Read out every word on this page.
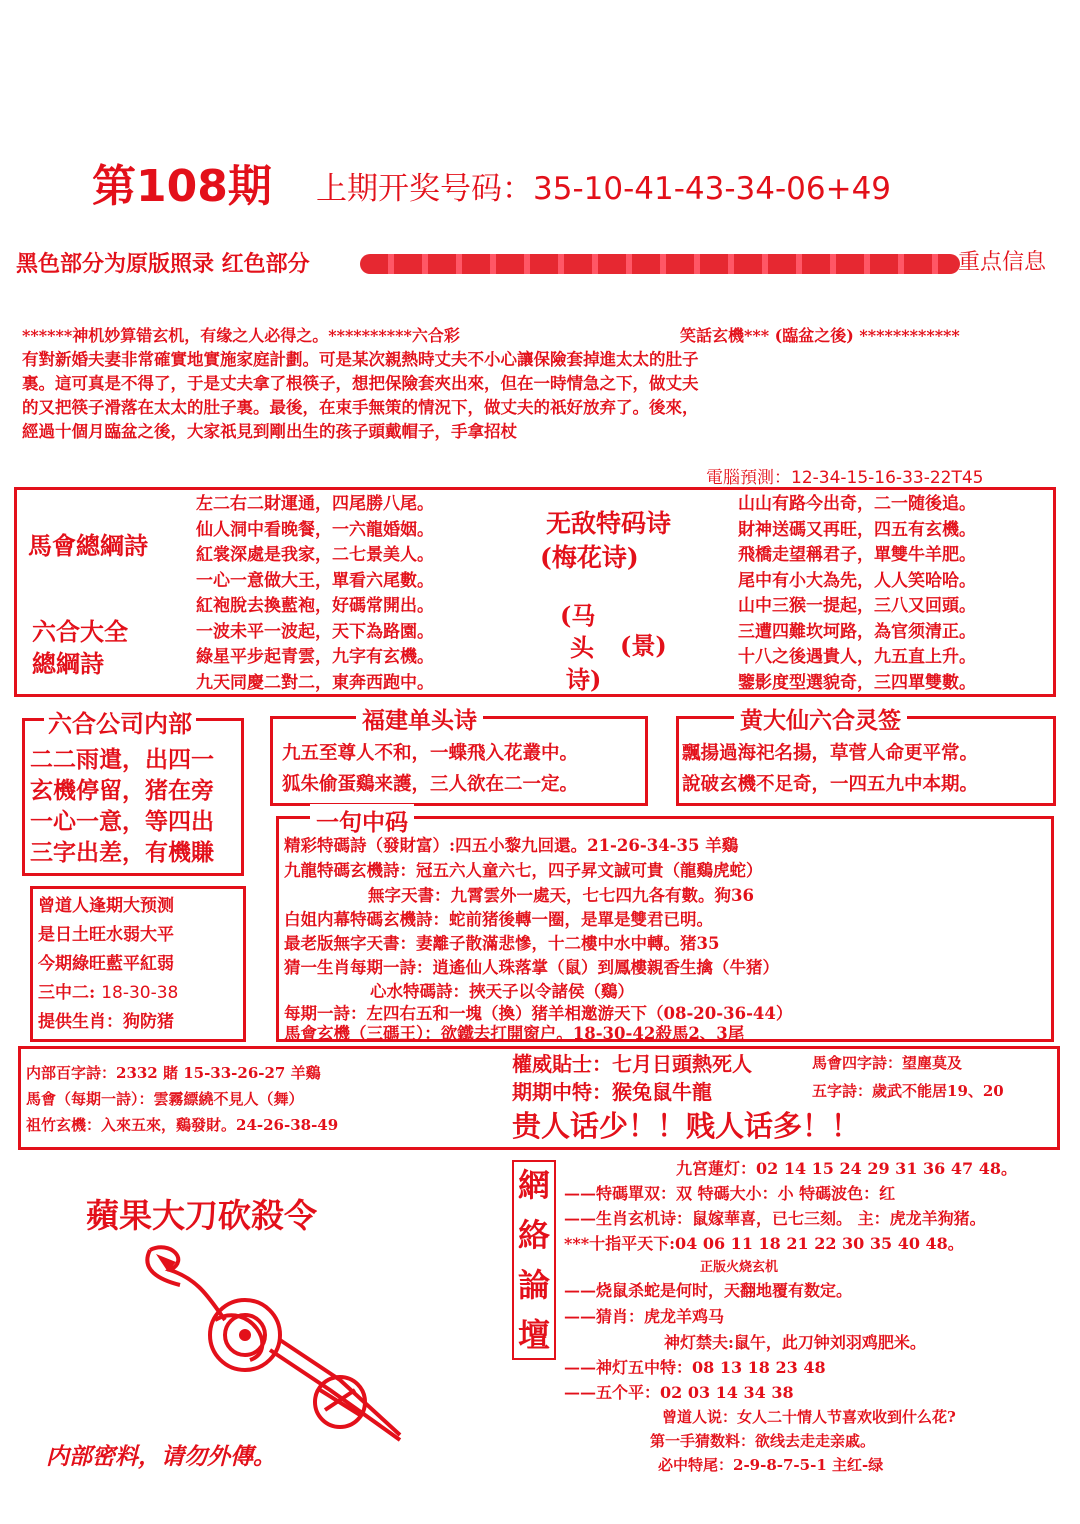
第108期 上期开奖号码：35-10-41-43-34-06+49
黑色部分为原版照录 红色部分	重点信息
******神机妙算错玄机，有缘之人必得之。**********六合彩	笑話玄機*** (臨盆之後) ************
有對新婚夫妻非常確實地實施家庭計劃。可是某次親熱時丈夫不小心讓保險套掉進太太的肚子
裏。這可真是不得了，于是丈夫拿了根筷子，想把保險套夾出來，但在一時情急之下，做丈夫
的又把筷子滑落在太太的肚子裏。最後，在束手無策的情況下，做丈夫的祇好放弃了。後來，
經過十個月臨盆之後，大家祇見到剛出生的孩子頭戴帽子，手拿招杖
電腦預測：12-34-15-16-33-22T45
馬會總綱詩
六合大全
總綱詩
左二右二財運通，四尾勝八尾。
仙人洞中看晚餐，一六龍婚姻。
紅裳深處是我家，二七景美人。
一心一意做大王，單看六尾數。
紅袍脫去換藍袍，好碼常開出。
一波未平一波起，天下為路園。
綠星平步起青雲，九字有玄機。
九天同慶二對二，東奔西跑中。
无敌特码诗
(梅花诗)
(马
头
诗)
(景)
山山有路今出奇，二一随後追。
財神送碼又再旺，四五有玄機。
飛橋走望稱君子，單雙牛羊肥。
尾中有小大為先，人人笑哈哈。
山中三猴一提起，三八又回頭。
三遭四難坎坷路，為官须清正。
十八之後遇貴人，九五直上升。
鑒影度型選貌奇，三四單雙數。
六合公司内部
二二雨遣，出四一
玄機停留，猪在旁
一心一意，等四出
三字出差，有機賺
福建单头诗
九五至尊人不和，一蝶飛入花叢中。
狐朱偷蛋鷄来護，三人欲在二一定。
黄大仙六合灵签
飄揚過海祀名揚，草菅人命更平常。
說破玄機不足奇，一四五九中本期。
一句中码
精彩特碼詩（發財富）:四五小黎九回還。21-26-34-35 羊鷄
九龍特碼玄機詩：冠五六人童六七，四子昇文誠可貴（龍鷄虎蛇）
無字天書：九霄雲外一處天，七七四九各有數。狗36
白姐内幕特碼玄機詩：蛇前猪後轉一圈，是單是雙君已明。
最老版無字天書：妻離子散滿悲慘，十二樓中水中轉。猪35
猜一生肖每期一詩：逍遙仙人珠落掌（鼠）到鳳樓親香生擒（牛猪）
心水特碼詩：挾天子以令諸侯（鷄）
每期一詩：左四右五和一塊（換）猪羊相邀游天下（08-20-36-44）
馬會玄機（三碼王）：欲鐵去打開窗户。18-30-42殺馬2、3尾
曾道人逢期大预测
是日土旺水弱大平
今期綠旺藍平紅弱
三中二: 18-30-38
提供生肖：狗防猪
内部百字詩：2332 賭 15-33-26-27 羊鷄
馬會（每期一詩）：雲霧縹繞不見人（舞）
祖竹玄機：入來五來，鷄發財。24-26-38-49
權威貼士：七月日頭熱死人	馬會四字詩：望塵莫及
期期中特：猴兔鼠牛龍	五字詩：歲武不能居19、20
贵人话少！！贱人话多！！
蘋果大刀砍殺令
内部密料，请勿外傳。
網
絡
論
壇
九宮蓮灯：02 14 15 24 29 31 36 47 48。
——特碼單双：双 特碼大小：小 特碼波色：红
——生肖玄机诗：鼠嫁華喜，已七三刻。 主：虎龙羊狗猪。
***十指平天下:04 06 11 18 21 22 30 35 40 48。
正版火烧玄机
——烧鼠杀蛇是何时，天翻地覆有数定。
——猜肖：虎龙羊鸡马
神灯禁夫:鼠午，此刀钟刘羽鸡肥米。
——神灯五中特：08 13 18 23 48
——五个平：02 03 14 34 38
曾道人说：女人二十情人节喜欢收到什么花?
第一手猜数料：欲线去走走亲戚。
必中特尾：2-9-8-7-5-1 主红-绿
